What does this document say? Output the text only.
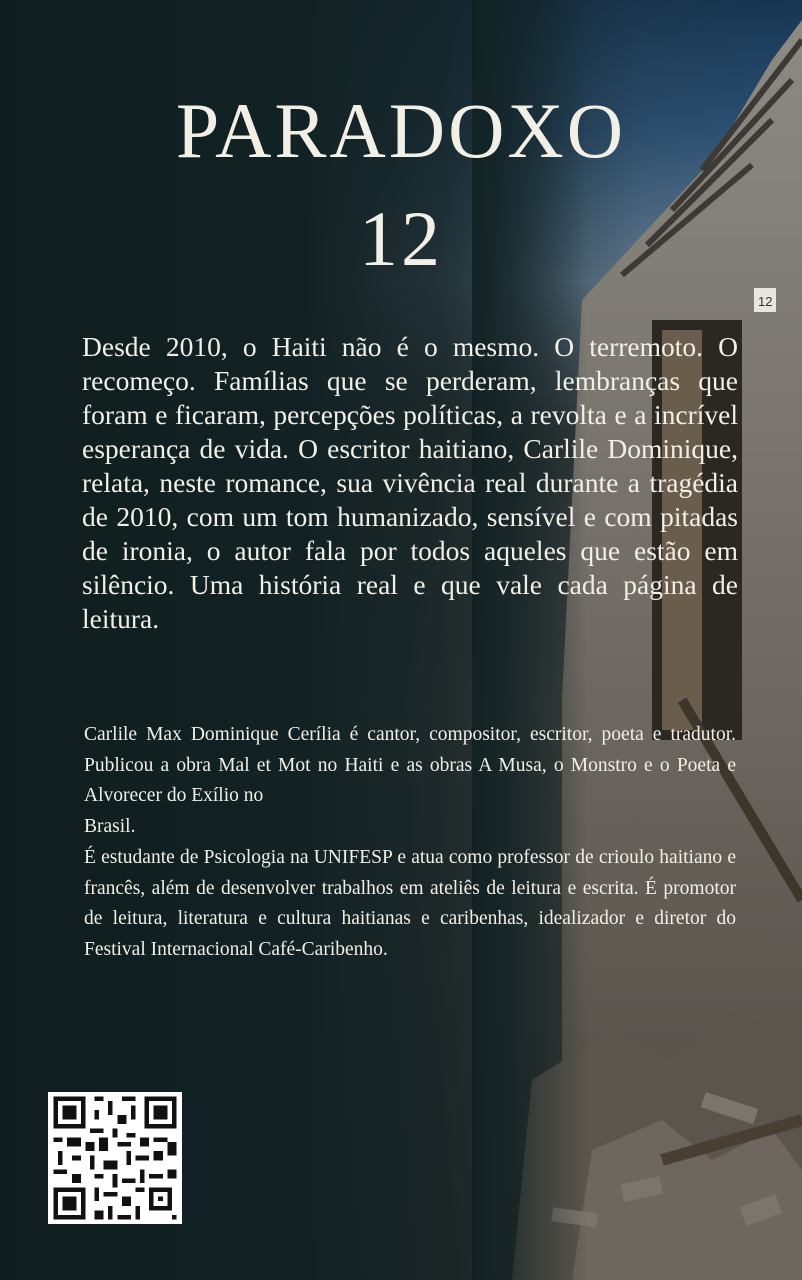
PARADOXO
12

Desde 2010, o Haiti não é o mesmo. O terremoto. O recomeço. Famílias que se perderam, lembranças que foram e ficaram, percepções políticas, a revolta e a incrível esperança de vida. O escritor haitiano, Carlile Dominique, relata, neste romance, sua vivência real durante a tragédia de 2010, com um tom humanizado, sensível e com pitadas de ironia, o autor fala por todos aqueles que estão em silêncio. Uma história real e que vale cada página de leitura.

Carlile Max Dominique Cerília é cantor, compositor, escritor, poeta e tradutor. Publicou a obra Mal et Mot no Haiti e as obras A Musa, o Monstro e o Poeta e Alvorecer do Exílio no

Brasil.

É estudante de Psicologia na UNIFESP e atua como professor de crioulo haitiano e francês, além de desenvolver trabalhos em ateliês de leitura e escrita. É promotor de leitura, literatura e cultura haitianas e caribenhas, idealizador e diretor do Festival Internacional Café-Caribenho.
